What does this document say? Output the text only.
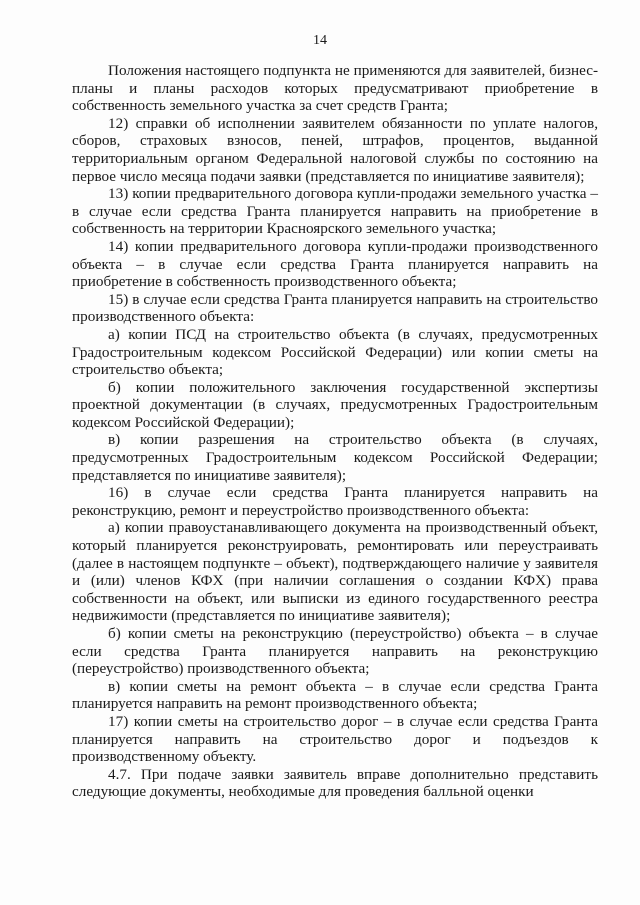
14

Положения настоящего подпункта не применяются для заявителей, бизнес-планы и планы расходов которых предусматривают приобретение в собственность земельного участка за счет средств Гранта;

12) справки об исполнении заявителем обязанности по уплате налогов, сборов, страховых взносов, пеней, штрафов, процентов, выданной территориальным органом Федеральной налоговой службы по состоянию на первое число месяца подачи заявки (представляется по инициативе заявителя);

13) копии предварительного договора купли-продажи земельного участка – в случае если средства Гранта планируется направить на приобретение в собственность на территории Красноярского земельного участка;

14) копии предварительного договора купли-продажи производственного объекта – в случае если средства Гранта планируется направить на приобретение в собственность производственного объекта;

15) в случае если средства Гранта планируется направить на строительство производственного объекта:

а) копии ПСД на строительство объекта (в случаях, предусмотренных Градостроительным кодексом Российской Федерации) или копии сметы на строительство объекта;

б) копии положительного заключения государственной экспертизы проектной документации (в случаях, предусмотренных Градостроительным кодексом Российской Федерации);

в) копии разрешения на строительство объекта (в случаях, предусмотренных Градостроительным кодексом Российской Федерации; представляется по инициативе заявителя);

16) в случае если средства Гранта планируется направить на реконструкцию, ремонт и переустройство производственного объекта:

а) копии правоустанавливающего документа на производственный объект, который планируется реконструировать, ремонтировать или переустраивать (далее в настоящем подпункте – объект), подтверждающего наличие у заявителя и (или) членов КФХ (при наличии соглашения о создании КФХ) права собственности на объект, или выписки из единого государственного реестра недвижимости (представляется по инициативе заявителя);

б) копии сметы на реконструкцию (переустройство) объекта – в случае если средства Гранта планируется направить на реконструкцию (переустройство) производственного объекта;

в) копии сметы на ремонт объекта – в случае если средства Гранта планируется направить на ремонт производственного объекта;

17) копии сметы на строительство дорог – в случае если средства Гранта планируется направить на строительство дорог и подъездов к производственному объекту.

4.7. При подаче заявки заявитель вправе дополнительно представить следующие документы, необходимые для проведения балльной оценки
